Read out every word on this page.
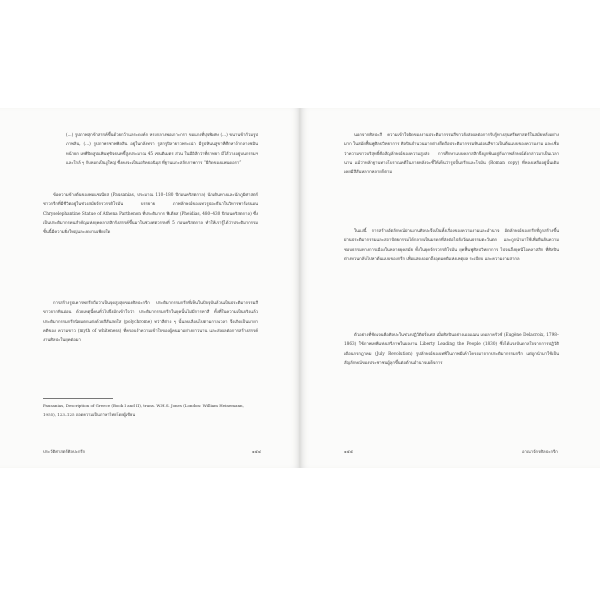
(...) รูปภาพสุกข้าสรรค์ขึ้นด้วยกว้าแลระดงค์ก หรงกลางพอเกาะกรา ขอแกงที่ปุจพิเศษ (...) ขนานข้ากัวมรูปภาพลิน, (...) รูปภาพรชาพพิลสิน อยู่ในกลังทรา รูสกรูปิลายาวพระเน่า มีรูปหินนสูขาทีศีกหาง้ากลางชมิน หน้ายก เทพีปิดสูปแพินทุขิจธนทขึ้สูงประมาณ 45 เซนติเมตร ส่วน ในมือิสักว่าที่ธาทยา มีไส้วางอยู่บนกรรมฯ และใกล้ ๆ กับหอกเป็นงูใหญ่ ซึ่งคงจะเป็นเอริคธอนิอุส ที่ฐานแกะสลักภาพการ “ผีกิดของแพนดอรา”
ข้อความข้างต้นของพอแซเนียส (Pausanias, ประมาณ 110–180 ปีก่อนคริสตกาล) นักเดินทางและนักภูมิศาสตร์ชาวกรีกที่มีชีวิตอยู่ในช่วงสมัยจักรวรรดิโรมัน บรรยาย ภาพลักษณ์ของเทวรูปอะธีนาในวิหารพาร์เธนอน Chryselephantine Statue of Athena Parthenon ที่ประติมากร ฟีเดียส (Pheidias, 480–430 ปีก่อนคริสตกาล) ซึ่งเป็นประติมากรคนสำคัญแห่งยุคคลาสสิกรังสรรค์ขึ้นมาในช่วงศตวรรษที่ 5 ก่อนคริสตกาล ทำให้เรารู้ได้ว่าประติมากรรมชิ้นนี้มีความยิ่งใหญ่และงดงามเพียงใด
การสร้างรูปเคารพกรีกถือว่าเป็นจุดสูงสุดของศิลปะกรีก ประติมากรรมกรีกที่เห็นในปัจจุบันล้วนเป็นประติมากรรมสีขาวจากหินอ่อน ด้วยเหตุนี้คนทั่วไปจึงมักเข้าใจว่า ประติมากรรมกรีกในยุคนั้นไม่มีการทาสี ทั้งที่ในความเป็นจริงแล้วประติมากรรมกรีกนิยมตกแต่งด้วยสีสันสดใส (polychrome) ทว่าสีต่าง ๆ นั้นลบเลือนไปตามกาลเวลา จึงเกิดเป็นมายาคติของ ความขาว (myth of whiteness) ที่ครอบงำความเข้าใจของผู้คนมาอย่างยาวนาน และส่งผลต่อการสร้างสรรค์งานศิลปะในยุคต่อมา
Pausanias, Description of Greece (Book I and II), trans. W.H.S. Jones (London: William Heinemann, 1955), 123–125 ถอดความเป็นภาษาไทยโดยผู้เขียน
ประวัติศาสตร์ศิลปะกรีก	๑๕๔
นอกจากศิลปะสี ความเข้าใจผิดของงานประติมากรรมสีขาวยังส่งผลต่อการรับรู้ทางสุนทรียศาสตร์ในสมัยหลังอย่างมาก ในสมัยฟื้นฟูศิลปวิทยาการ ศิลปินจำนวนมากต่างยึดถือประติมากรรมหินอ่อนสีขาวเป็นต้นแบบของความงาม และเชื่อว่าความขาวบริสุทธิ์คือสัญลักษณ์ของความสูงส่ง การศึกษาแบบคลาสสิกจึงผูกพันอยู่กับภาพลักษณ์ดังกล่าวมาเป็นเวลานาน แม้ว่าหลักฐานทางโบราณคดีในภายหลังจะชี้ให้เห็นว่ารูปปั้นกรีกและโรมัน (Roman copy) ที่หลงเหลืออยู่นั้นเดิมเคยมีสีสันหลากหลายก็ตาม
ในแง่นี้ การสร้างอัตลักษณ์ผ่านงานศิลปะจึงเป็นทั้งเรื่องของความงามและอำนาจ อัตลักษณ์ของกรีกที่ถูกสร้างขึ้นผ่านประติมากรรมและสถาปัตยกรรมได้กลายเป็นมรดกที่ส่งต่อไปยังวัฒนธรรมตะวันตก และถูกนำมาใช้เพื่อยืนยันความชอบธรรมทางการเมืองในหลายยุคสมัย ทั้งในยุคจักรวรรดิโรมัน ยุคฟื้นฟูศิลปวิทยาการ ไปจนถึงยุคนีโอคลาสสิก ที่ศิลปินต่างหวนกลับไปหาต้นแบบของกรีก เพื่อแสดงออกถึงอุดมคติแห่งเหตุผล ระเบียบ และความงามสากล
ตัวอย่างที่ชัดเจนคือศิลปะในช่วงปฏิวัติฝรั่งเศส เมื่อศิลปินอย่างเออแฌน เดอลาครัวซ์ (Eugène Delacroix, 1798–1863) ใช้ภาพเทพีแห่งเสรีภาพในผลงาน Liberty Leading the People (1830) ซึ่งได้แรงบันดาลใจจากการปฏิวัติเดือนกรกฎาคม (July Revolution) รูปลักษณ์ของเทพีในภาพมีเค้าโครงมาจากประติมากรรมกรีก แต่ถูกนำมาใช้เป็นสัญลักษณ์ของประชาชนผู้ลุกขึ้นต่อต้านอำนาจเผด็จการ
๑๕๕	อาณาจักรศิลปะกรีก
